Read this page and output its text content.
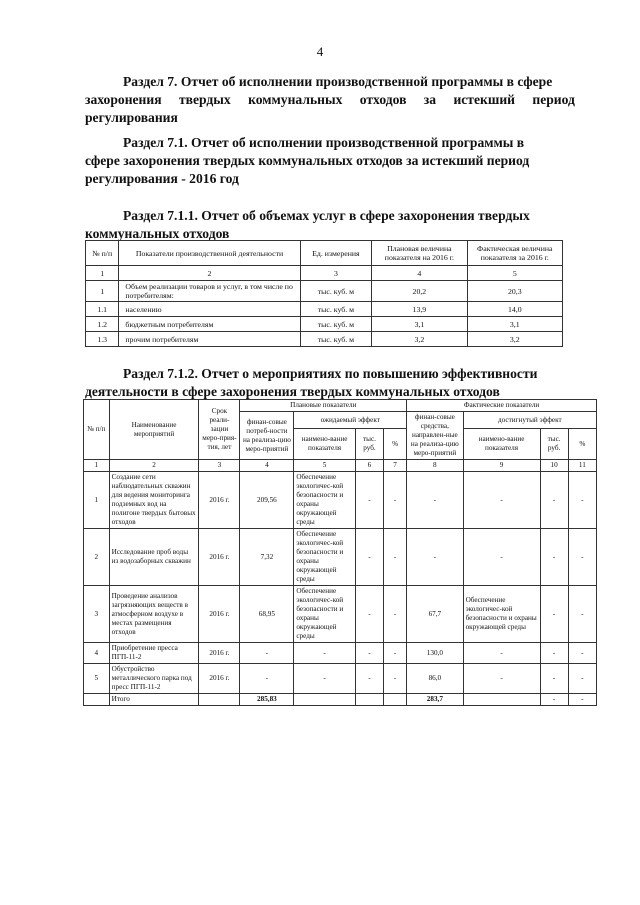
4
Раздел 7. Отчет об исполнении производственной программы в сфере
захоронения твердых коммунальных отходов за истекший период
регулирования
Раздел 7.1. Отчет об исполнении производственной программы в
сфере захоронения твердых коммунальных отходов за истекший период
регулирования - 2016 год
Раздел 7.1.1. Отчет об объемах услуг в сфере захоронения твердых
коммунальных отходов
№ п/п	Показатели производственной деятельности	Ед. измерения	Плановая величина показателя на 2016 г.	Фактическая величина показателя за 2016 г.
1	2	3	4	5
1	Объем реализации товаров и услуг, в том числе по потребителям:	тыс. куб. м	20,2	20,3
1.1	населению	тыс. куб. м	13,9	14,0
1.2	бюджетным потребителям	тыс. куб. м	3,1	3,1
1.3	прочим потребителям	тыс. куб. м	3,2	3,2
Раздел 7.1.2. Отчет о мероприятиях по повышению эффективности
деятельности в сфере захоронения твердых коммунальных отходов
№ п/п	Наименование мероприятий	Срок реали-зации меро-прия-тия, лет	Плановые показатели				Фактические показатели			
			финан-совые потреб-ности на реализа-цию меро-приятий	ожидаемый эффект			финан-совые средства, направлен-ные на реализа-цию меро-приятий	достигнутый эффект		
				наимено-вание показателя	тыс. руб.	%		наимено-вание показателя	тыс. руб.	%
1	2	3	4	5	6	7	8	9	10	11
1	Создание сети наблюдательных скважин для ведения мониторинга подземных вод на полигоне твердых бытовых отходов	2016 г.	209,56	Обеспечение экологичес-кой безопасности и охраны окружающей среды	-	-	-	-	-	-
2	Исследование проб воды из водозаборных скважин	2016 г.	7,32	Обеспечение экологичес-кой безопасности и охраны окружающей среды	-	-	-	-	-	-
3	Проведение анализов загрязняющих веществ в атмосферном воздухе в местах размещения отходов	2016 г.	68,95	Обеспечение экологичес-кой безопасности и охраны окружающей среды	-	-	67,7	Обеспечение экологичес-кой безопасности и охраны окружающей среды	-	-
4	Приобретение пресса ПГП-11-2	2016 г.	-	-	-	-	130,0	-	-	-
5	Обустройство металлического парка под пресс ПГП-11-2	2016 г.	-	-	-	-	86,0	-	-	-
	Итого		285,83				283,7		-	-
